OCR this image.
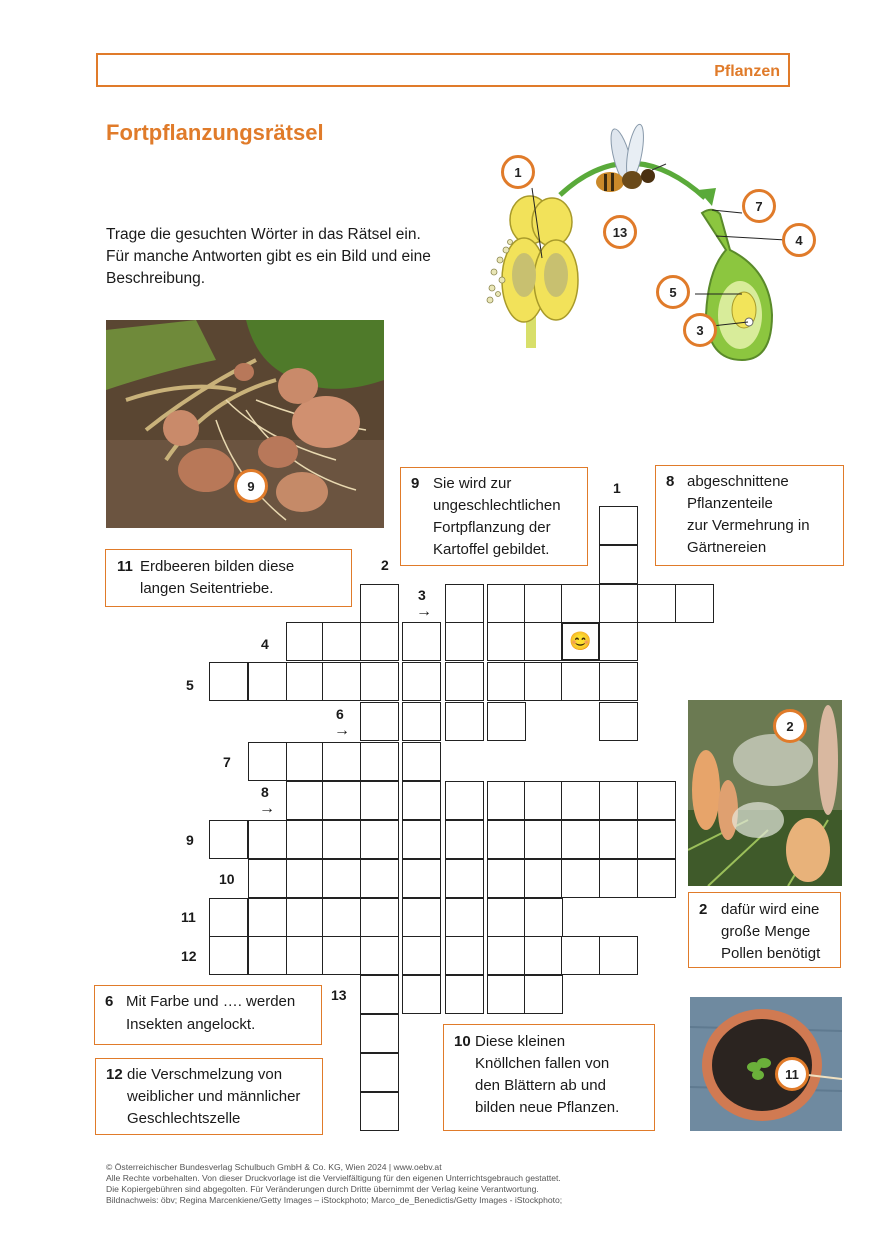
Pflanzen
Fortpflanzungsrätsel
Trage die gesuchten Wörter in das Rätsel ein.
Für manche Antworten gibt es ein Bild und eine
Beschreibung.
1
13
7
4
5
3
9
2
11
9 Sie wird zur
ungeschlechtlichen
Fortpflanzung der
Kartoffel gebildet.
8 abgeschnittene
Pflanzenteile
zur Vermehrung in
Gärtnereien
11 Erdbeeren bilden diese
langen Seitentriebe.
2 dafür wird eine
große Menge
Pollen benötigt
6 Mit Farbe und …. werden
Insekten angelockt.
12 die Verschmelzung von
weiblicher und männlicher
Geschlechtszelle
10 Diese kleinen
Knöllchen fallen von
den Blättern ab und
bilden neue Pflanzen.
😊
1
2
3
→
4
5
6
→
7
8
→
9
10
11
12
13
© Österreichischer Bundesverlag Schulbuch GmbH & Co. KG, Wien 2024 | www.oebv.at
Alle Rechte vorbehalten. Von dieser Druckvorlage ist die Vervielfältigung für den eigenen Unterrichtsgebrauch gestattet.
Die Kopiergebühren sind abgegolten. Für Veränderungen durch Dritte übernimmt der Verlag keine Verantwortung.
Bildnachweis: öbv; Regina Marcenkiene/Getty Images – iStockphoto; Marco_de_Benedictis/Getty Images - iStockphoto;
